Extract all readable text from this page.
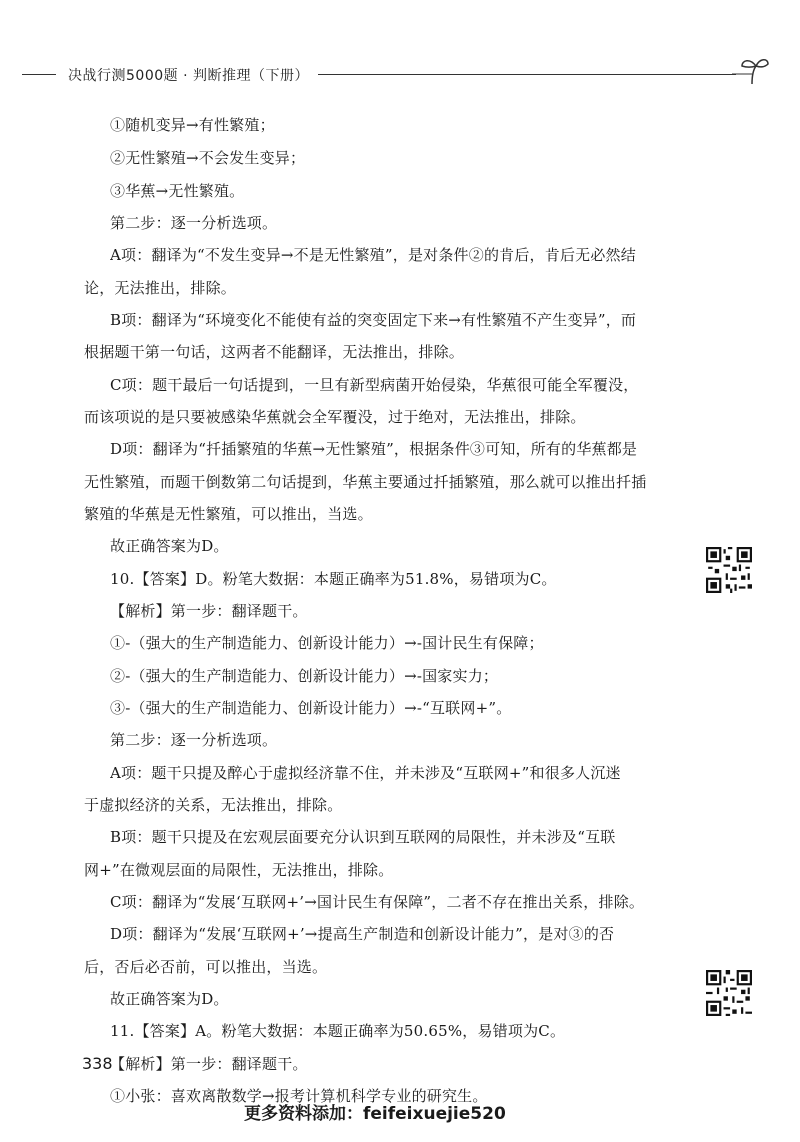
决战行测5000题 · 判断推理（下册）
①随机变异→有性繁殖；
②无性繁殖→不会发生变异；
③华蕉→无性繁殖。
第二步：逐一分析选项。
A项：翻译为“不发生变异→不是无性繁殖”，是对条件②的肯后，肯后无必然结
论，无法推出，排除。
B项：翻译为“环境变化不能使有益的突变固定下来→有性繁殖不产生变异”，而
根据题干第一句话，这两者不能翻译，无法推出，排除。
C项：题干最后一句话提到，一旦有新型病菌开始侵染，华蕉很可能全军覆没，
而该项说的是只要被感染华蕉就会全军覆没，过于绝对，无法推出，排除。
D项：翻译为“扦插繁殖的华蕉→无性繁殖”，根据条件③可知，所有的华蕉都是
无性繁殖，而题干倒数第二句话提到，华蕉主要通过扦插繁殖，那么就可以推出扦插
繁殖的华蕉是无性繁殖，可以推出，当选。
故正确答案为D。
10.【答案】D。粉笔大数据：本题正确率为51.8%，易错项为C。
【解析】第一步：翻译题干。
①-（强大的生产制造能力、创新设计能力）→-国计民生有保障；
②-（强大的生产制造能力、创新设计能力）→-国家实力；
③-（强大的生产制造能力、创新设计能力）→-“互联网+”。
第二步：逐一分析选项。
A项：题干只提及醉心于虚拟经济靠不住，并未涉及“互联网+”和很多人沉迷
于虚拟经济的关系，无法推出，排除。
B项：题干只提及在宏观层面要充分认识到互联网的局限性，并未涉及“互联
网+”在微观层面的局限性，无法推出，排除。
C项：翻译为“发展‘互联网+’→国计民生有保障”，二者不存在推出关系，排除。
D项：翻译为“发展‘互联网+’→提高生产制造和创新设计能力”，是对③的否
后，否后必否前，可以推出，当选。
故正确答案为D。
11.【答案】A。粉笔大数据：本题正确率为50.65%，易错项为C。
【解析】第一步：翻译题干。
①小张：喜欢离散数学→报考计算机科学专业的研究生。
338
更多资料添加：feifeixuejie520
